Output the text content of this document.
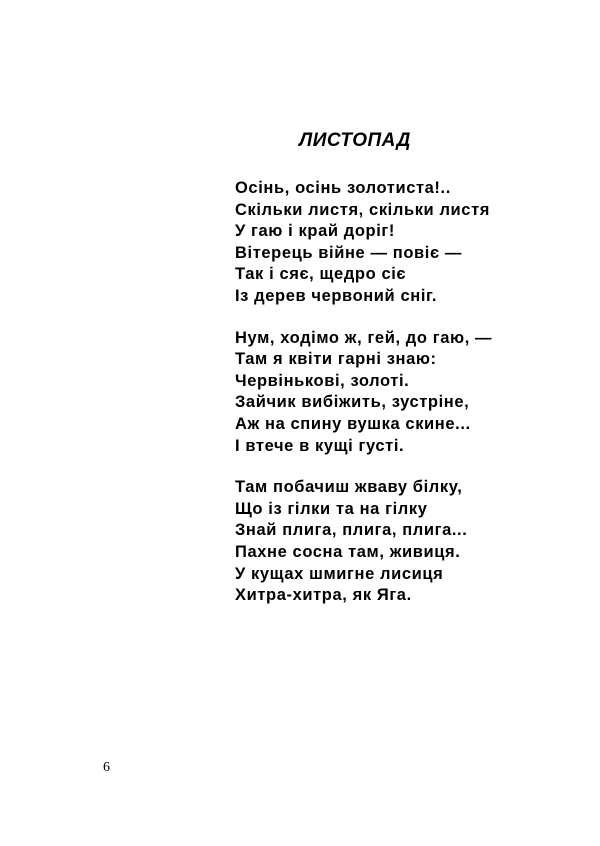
ЛИСТОПАД
Осінь, осінь золотиста!..
Скільки листя, скільки листя
У гаю і край доріг!
Вітерець війне — повіє —
Так і сяє, щедро сіє
Із дерев червоний сніг.
Нум, ходімо ж, гей, до гаю, —
Там я квіти гарні знаю:
Червінькові, золоті.
Зайчик вибіжить, зустріне,
Аж на спину вушка скине...
І втече в кущі густі.
Там побачиш жваву білку,
Що із гілки та на гілку
Знай плига, плига, плига...
Пахне сосна там, живиця.
У кущах шмигне лисиця
Хитра-хитра, як Яга.
6
